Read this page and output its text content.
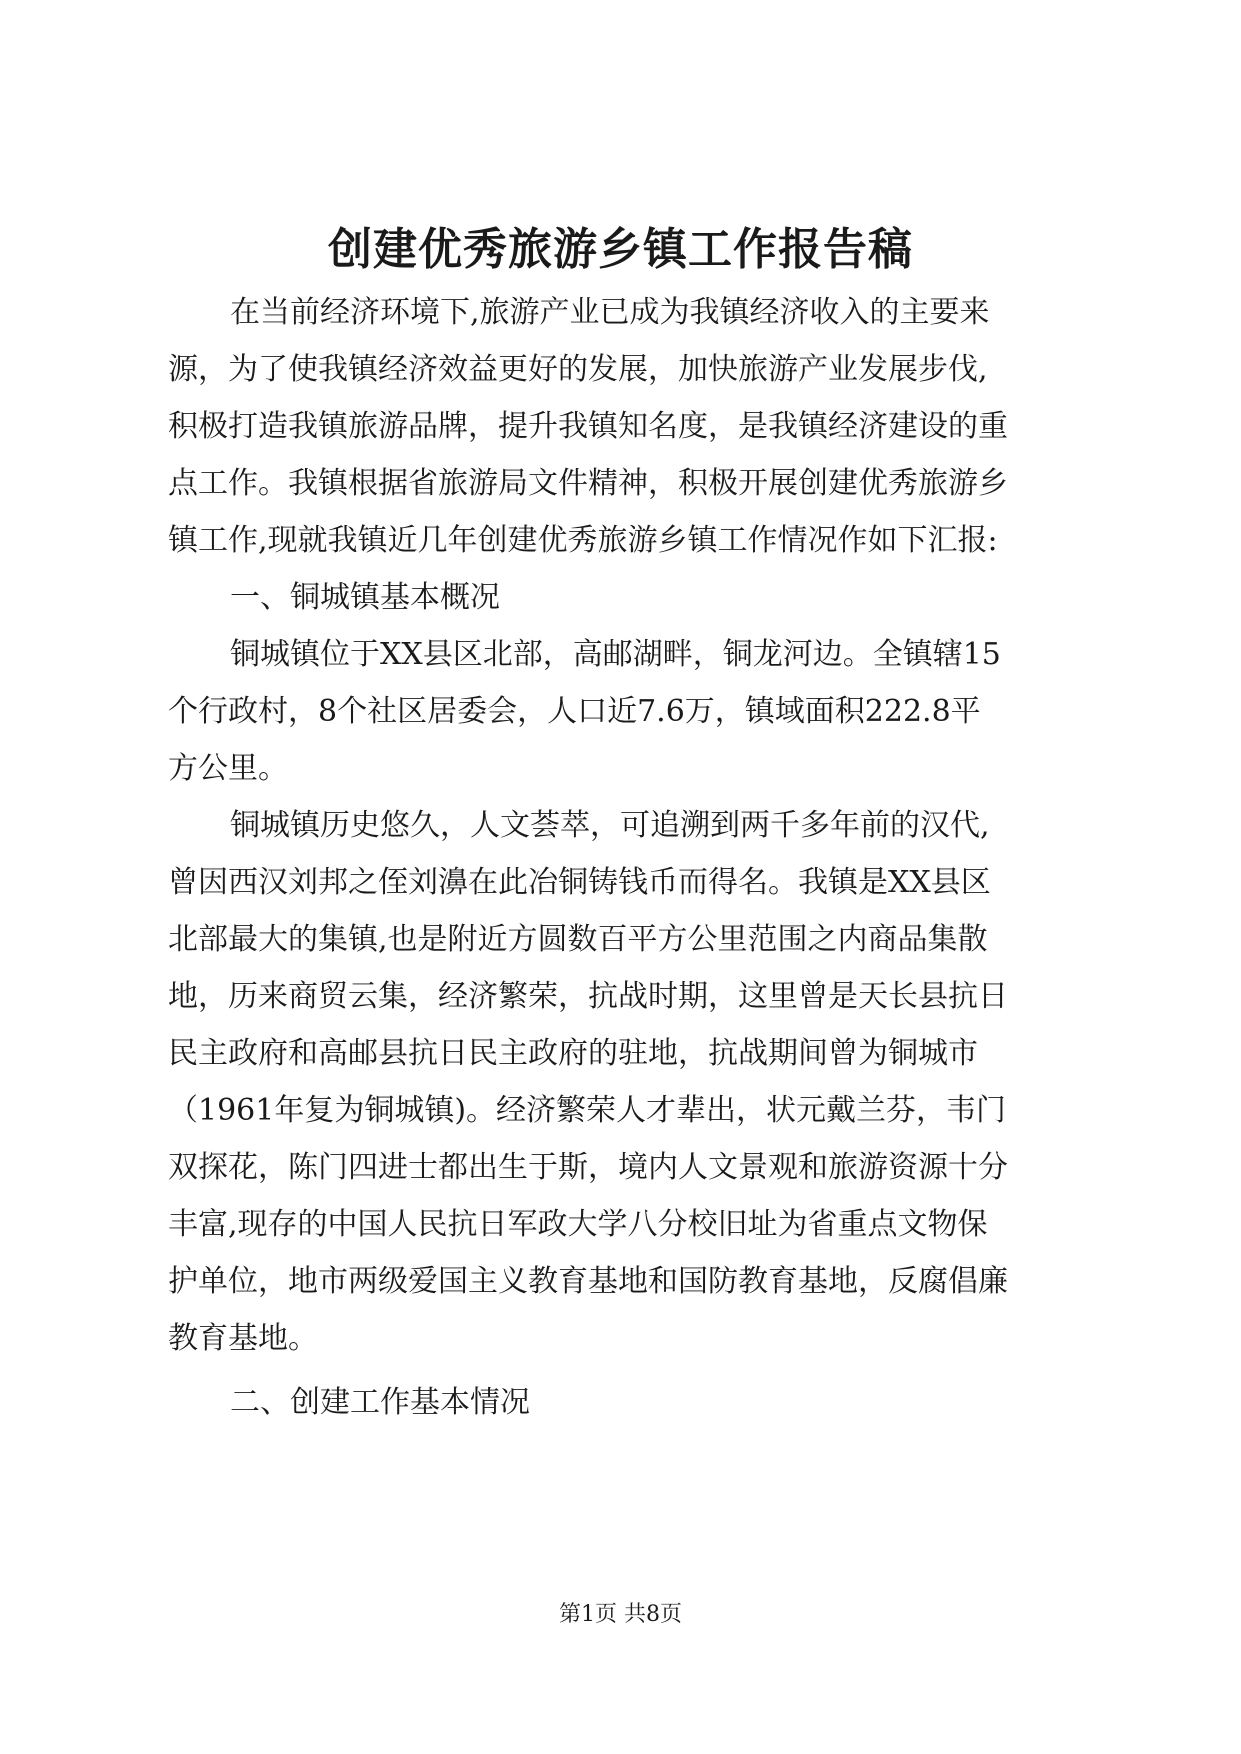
创建优秀旅游乡镇工作报告稿
在当前经济环境下,旅游产业已成为我镇经济收入的主要来
源，为了使我镇经济效益更好的发展，加快旅游产业发展步伐,
积极打造我镇旅游品牌，提升我镇知名度，是我镇经济建设的重
点工作。我镇根据省旅游局文件精神，积极开展创建优秀旅游乡
镇工作,现就我镇近几年创建优秀旅游乡镇工作情况作如下汇报:
一、铜城镇基本概况
铜城镇位于XX县区北部，高邮湖畔，铜龙河边。全镇辖15
个行政村，8个社区居委会，人口近7.6万，镇域面积222.8平
方公里。
铜城镇历史悠久，人文荟萃，可追溯到两千多年前的汉代,
曾因西汉刘邦之侄刘濞在此冶铜铸钱币而得名。我镇是XX县区
北部最大的集镇,也是附近方圆数百平方公里范围之内商品集散
地，历来商贸云集，经济繁荣，抗战时期，这里曾是天长县抗日
民主政府和高邮县抗日民主政府的驻地，抗战期间曾为铜城市
（1961年复为铜城镇)。经济繁荣人才辈出，状元戴兰芬，韦门
双探花，陈门四进士都出生于斯，境内人文景观和旅游资源十分
丰富,现存的中国人民抗日军政大学八分校旧址为省重点文物保
护单位，地市两级爱国主义教育基地和国防教育基地，反腐倡廉
教育基地。
二、创建工作基本情况
第1页 共8页
